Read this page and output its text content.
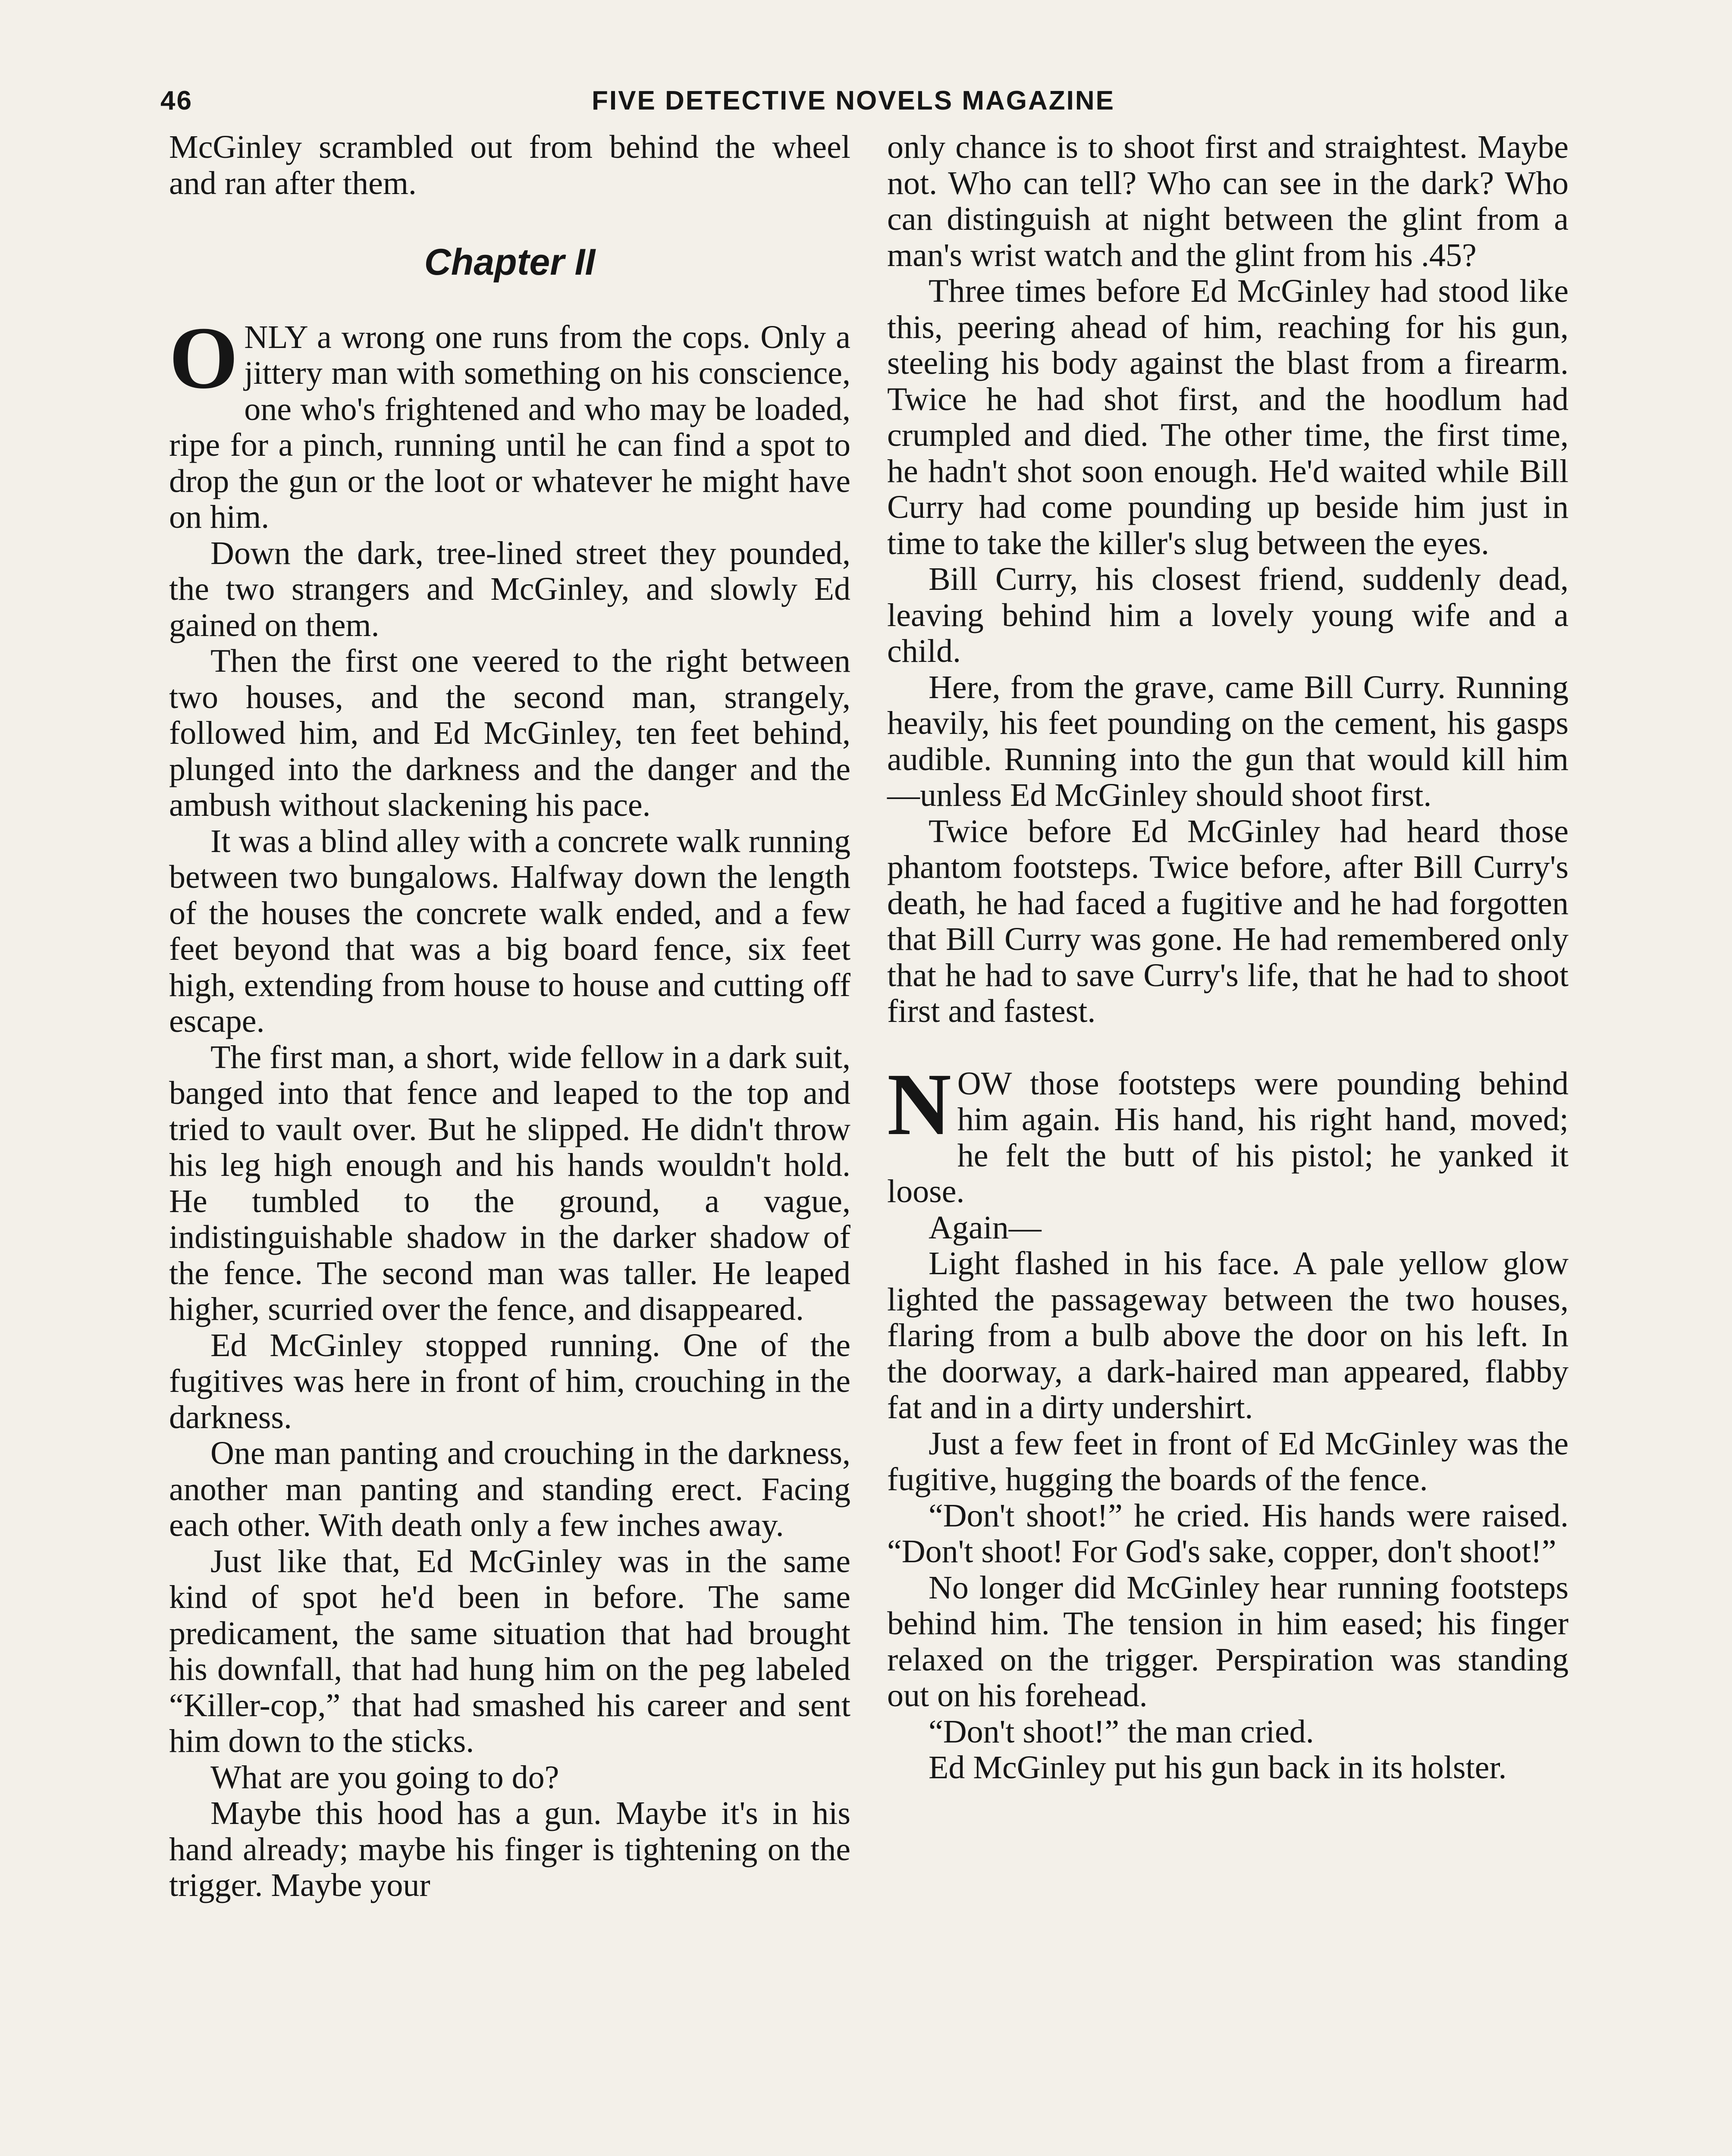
46	FIVE DETECTIVE NOVELS MAGAZINE

McGinley scrambled out from behind the wheel and ran after them.

Chapter II

ONLY a wrong one runs from the cops. Only a jittery man with something on his conscience, one who's frightened and who may be loaded, ripe for a pinch, running until he can find a spot to drop the gun or the loot or whatever he might have on him.

Down the dark, tree-lined street they pounded, the two strangers and McGinley, and slowly Ed gained on them.

Then the first one veered to the right between two houses, and the second man, strangely, followed him, and Ed McGinley, ten feet behind, plunged into the darkness and the danger and the ambush without slackening his pace.

It was a blind alley with a concrete walk running between two bungalows. Halfway down the length of the houses the concrete walk ended, and a few feet beyond that was a big board fence, six feet high, extending from house to house and cutting off escape.

The first man, a short, wide fellow in a dark suit, banged into that fence and leaped to the top and tried to vault over. But he slipped. He didn't throw his leg high enough and his hands wouldn't hold. He tumbled to the ground, a vague, indistinguishable shadow in the darker shadow of the fence. The second man was taller. He leaped higher, scurried over the fence, and disappeared.

Ed McGinley stopped running. One of the fugitives was here in front of him, crouching in the darkness.

One man panting and crouching in the darkness, another man panting and standing erect. Facing each other. With death only a few inches away.

Just like that, Ed McGinley was in the same kind of spot he'd been in before. The same predicament, the same situation that had brought his downfall, that had hung him on the peg labeled “Killer-cop,” that had smashed his career and sent him down to the sticks.

What are you going to do?

Maybe this hood has a gun. Maybe it's in his hand already; maybe his finger is tightening on the trigger. Maybe your

only chance is to shoot first and straightest. Maybe not. Who can tell? Who can see in the dark? Who can distinguish at night between the glint from a man's wrist watch and the glint from his .45?

Three times before Ed McGinley had stood like this, peering ahead of him, reaching for his gun, steeling his body against the blast from a firearm. Twice he had shot first, and the hoodlum had crumpled and died. The other time, the first time, he hadn't shot soon enough. He'd waited while Bill Curry had come pounding up beside him just in time to take the killer's slug between the eyes.

Bill Curry, his closest friend, suddenly dead, leaving behind him a lovely young wife and a child.

Here, from the grave, came Bill Curry. Running heavily, his feet pounding on the cement, his gasps audible. Running into the gun that would kill him —unless Ed McGinley should shoot first.

Twice before Ed McGinley had heard those phantom footsteps. Twice before, after Bill Curry's death, he had faced a fugitive and he had forgotten that Bill Curry was gone. He had remembered only that he had to save Curry's life, that he had to shoot first and fastest.

NOW those footsteps were pounding behind him again. His hand, his right hand, moved; he felt the butt of his pistol; he yanked it loose.

Again—

Light flashed in his face. A pale yellow glow lighted the passageway between the two houses, flaring from a bulb above the door on his left. In the doorway, a dark-haired man appeared, flabby fat and in a dirty undershirt.

Just a few feet in front of Ed McGinley was the fugitive, hugging the boards of the fence.

“Don't shoot!” he cried. His hands were raised. “Don't shoot! For God's sake, copper, don't shoot!”

No longer did McGinley hear running footsteps behind him. The tension in him eased; his finger relaxed on the trigger. Perspiration was standing out on his forehead.

“Don't shoot!” the man cried.

Ed McGinley put his gun back in its holster.
